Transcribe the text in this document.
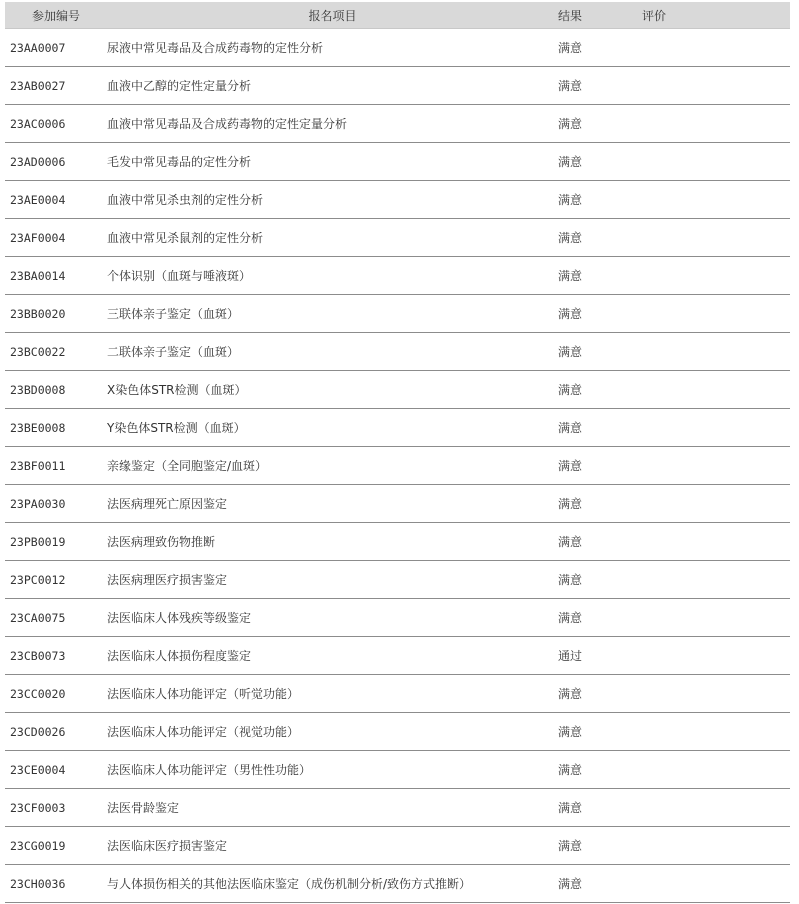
参加编号	报名项目	结果	评价
23AA0007	尿液中常见毒品及合成药毒物的定性分析	满意	
23AB0027	血液中乙醇的定性定量分析	满意	
23AC0006	血液中常见毒品及合成药毒物的定性定量分析	满意	
23AD0006	毛发中常见毒品的定性分析	满意	
23AE0004	血液中常见杀虫剂的定性分析	满意	
23AF0004	血液中常见杀鼠剂的定性分析	满意	
23BA0014	个体识别（血斑与唾液斑）	满意	
23BB0020	三联体亲子鉴定（血斑）	满意	
23BC0022	二联体亲子鉴定（血斑）	满意	
23BD0008	X染色体STR检测（血斑）	满意	
23BE0008	Y染色体STR检测（血斑）	满意	
23BF0011	亲缘鉴定（全同胞鉴定/血斑）	满意	
23PA0030	法医病理死亡原因鉴定	满意	
23PB0019	法医病理致伤物推断	满意	
23PC0012	法医病理医疗损害鉴定	满意	
23CA0075	法医临床人体残疾等级鉴定	满意	
23CB0073	法医临床人体损伤程度鉴定	通过	
23CC0020	法医临床人体功能评定（听觉功能）	满意	
23CD0026	法医临床人体功能评定（视觉功能）	满意	
23CE0004	法医临床人体功能评定（男性性功能）	满意	
23CF0003	法医骨龄鉴定	满意	
23CG0019	法医临床医疗损害鉴定	满意	
23CH0036	与人体损伤相关的其他法医临床鉴定（成伤机制分析/致伤方式推断）	满意	
